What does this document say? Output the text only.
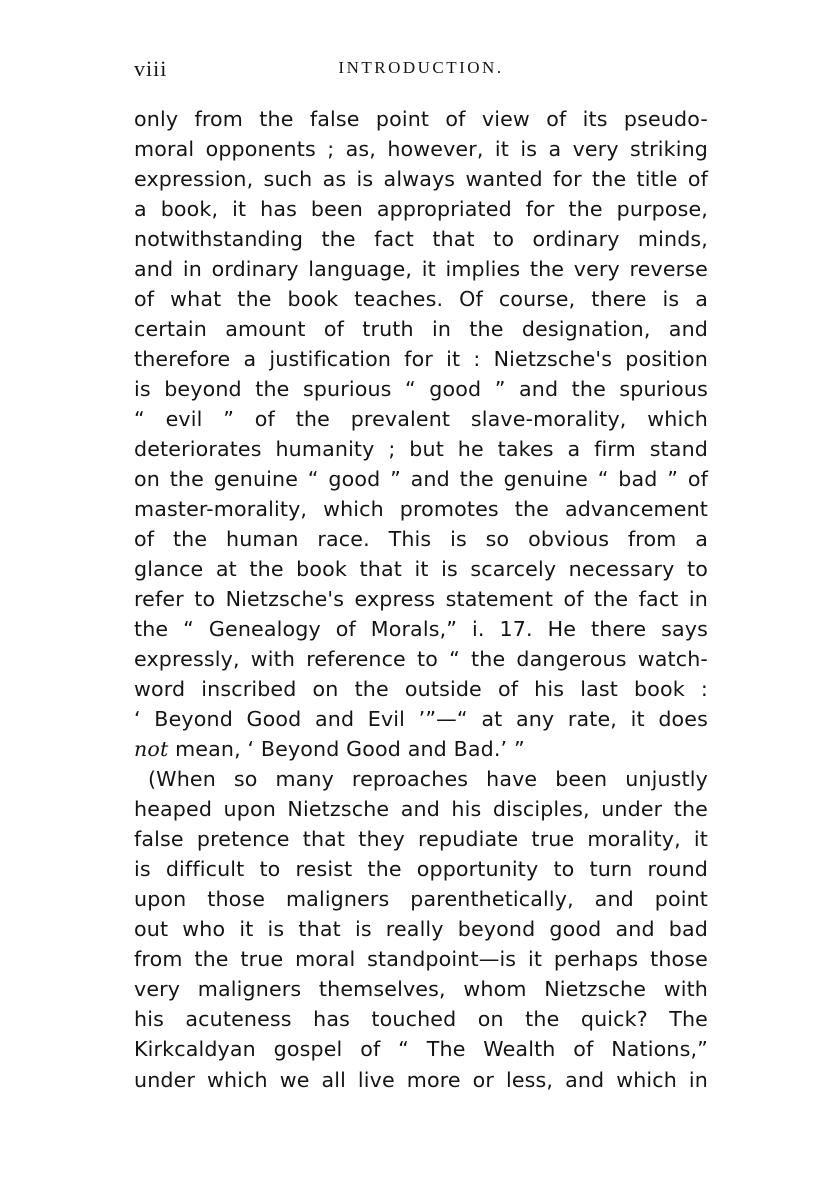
viii	INTRODUCTION.
only from the false point of view of its pseudo-
moral opponents ; as, however, it is a very striking
expression, such as is always wanted for the title of
a book, it has been appropriated for the purpose,
notwithstanding the fact that to ordinary minds,
and in ordinary language, it implies the very reverse
of what the book teaches. Of course, there is a
certain amount of truth in the designation, and
therefore a justification for it : Nietzsche's position
is beyond the spurious “ good ” and the spurious
“ evil ” of the prevalent slave-morality, which
deteriorates humanity ; but he takes a firm stand
on the genuine “ good ” and the genuine “ bad ” of
master-morality, which promotes the advancement
of the human race. This is so obvious from a
glance at the book that it is scarcely necessary to
refer to Nietzsche's express statement of the fact in
the “ Genealogy of Morals,” i. 17. He there says
expressly, with reference to “ the dangerous watch-
word inscribed on the outside of his last book :
‘ Beyond Good and Evil ’”—“ at any rate, it does
not mean, ‘ Beyond Good and Bad.’ ”
(When so many reproaches have been unjustly
heaped upon Nietzsche and his disciples, under the
false pretence that they repudiate true morality, it
is difficult to resist the opportunity to turn round
upon those maligners parenthetically, and point
out who it is that is really beyond good and bad
from the true moral standpoint—is it perhaps those
very maligners themselves, whom Nietzsche with
his acuteness has touched on the quick? The
Kirkcaldyan gospel of “ The Wealth of Nations,”
under which we all live more or less, and which in
